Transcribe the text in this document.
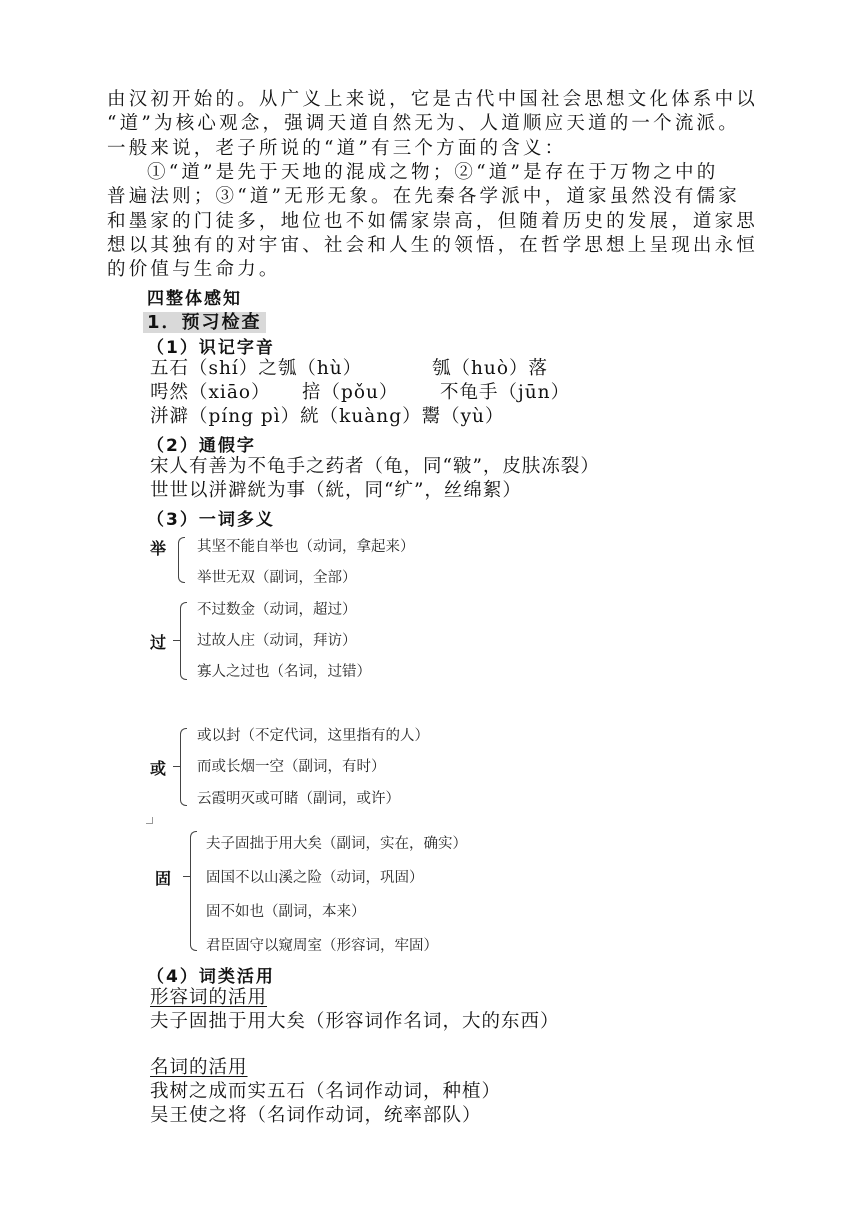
由汉初开始的。从广义上来说，它是古代中国社会思想文化体系中以
“道”为核心观念，强调天道自然无为、人道顺应天道的一个流派。
一般来说，老子所说的“道”有三个方面的含义：
①“道”是先于天地的混成之物；②“道”是存在于万物之中的
普遍法则；③“道”无形无象。在先秦各学派中，道家虽然没有儒家
和墨家的门徒多，地位也不如儒家崇高，但随着历史的发展，道家思
想以其独有的对宇宙、社会和人生的领悟，在哲学思想上呈现出永恒
的价值与生命力。
四整体感知
1．预习检查
（1）识记字音
五石（shí）之瓠（hù）	瓠（huò）落
呺然（xiāo） 掊（pǒu） 不龟手（jūn）
洴澼（píng pì）絖（kuàng）鬻（yù）
（2）通假字
宋人有善为不龟手之药者（龟，同“皲”，皮肤冻裂）
世世以洴澼絖为事（絖，同“纩”，丝绵絮）
（3）一词多义
举 其坚不能自举也（动词，拿起来）
举世无双（副词，全部）
过
不过数金（动词，超过）
过故人庄（动词，拜访）
寡人之过也（名词，过错）
或
或以封（不定代词，这里指有的人）
而或长烟一空（副词，有时）
云霞明灭或可睹（副词，或许）
固
夫子固拙于用大矣（副词，实在，确实）
固国不以山溪之险（动词，巩固）
固不如也（副词，本来）
君臣固守以窥周室（形容词，牢固）
（4）词类活用
形容词的活用
夫子固拙于用大矣（形容词作名词，大的东西）
名词的活用
我树之成而实五石（名词作动词，种植）
吴王使之将（名词作动词，统率部队）
